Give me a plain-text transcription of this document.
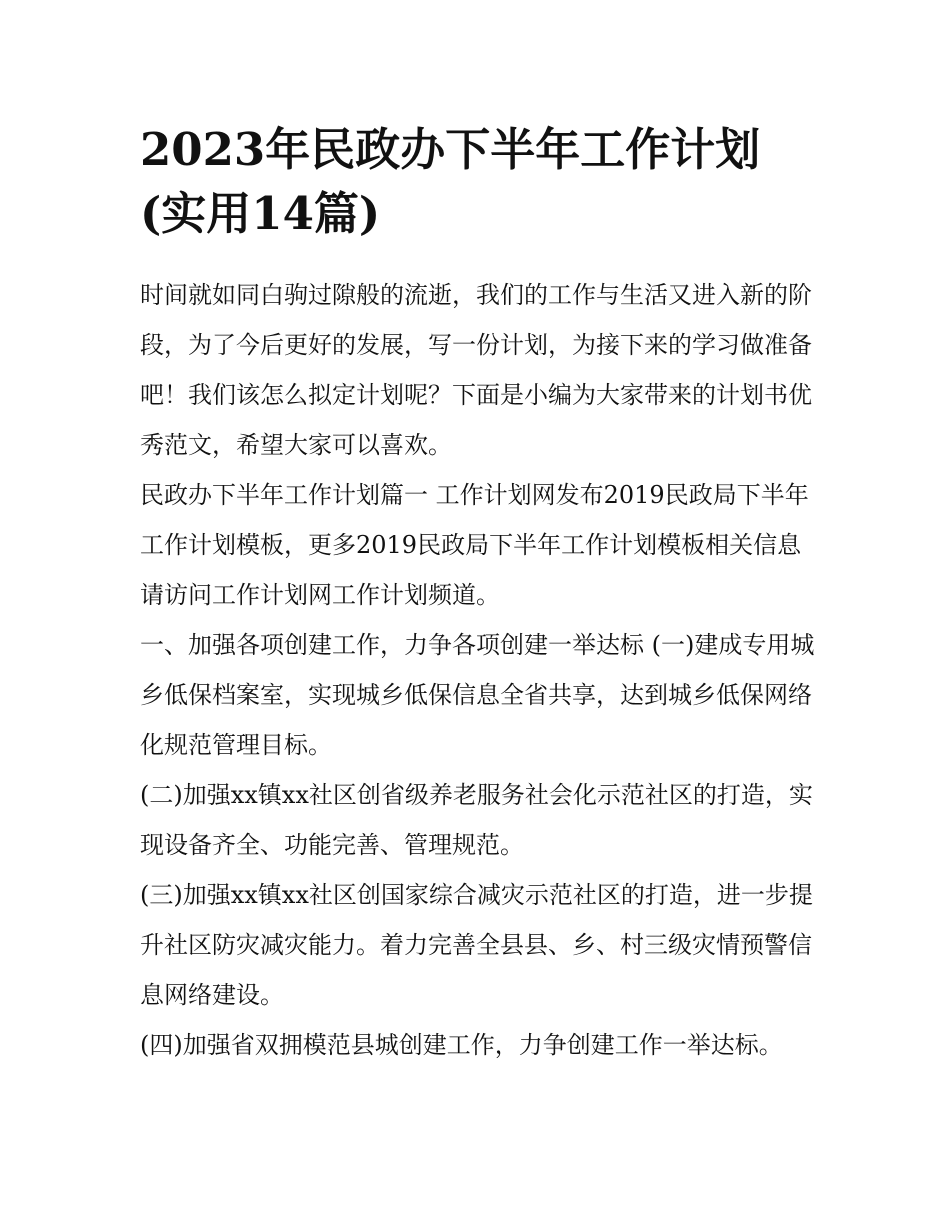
2023年民政办下半年工作计划(实用14篇)

时间就如同白驹过隙般的流逝，我们的工作与生活又进入新的阶段，为了今后更好的发展，写一份计划，为接下来的学习做准备吧！我们该怎么拟定计划呢？下面是小编为大家带来的计划书优秀范文，希望大家可以喜欢。

民政办下半年工作计划篇一 工作计划网发布2019民政局下半年工作计划模板，更多2019民政局下半年工作计划模板相关信息请访问工作计划网工作计划频道。

一、加强各项创建工作，力争各项创建一举达标 (一)建成专用城乡低保档案室，实现城乡低保信息全省共享，达到城乡低保网络化规范管理目标。

(二)加强xx镇xx社区创省级养老服务社会化示范社区的打造，实现设备齐全、功能完善、管理规范。

(三)加强xx镇xx社区创国家综合减灾示范社区的打造，进一步提升社区防灾减灾能力。着力完善全县县、乡、村三级灾情预警信息网络建设。

(四)加强省双拥模范县城创建工作，力争创建工作一举达标。
